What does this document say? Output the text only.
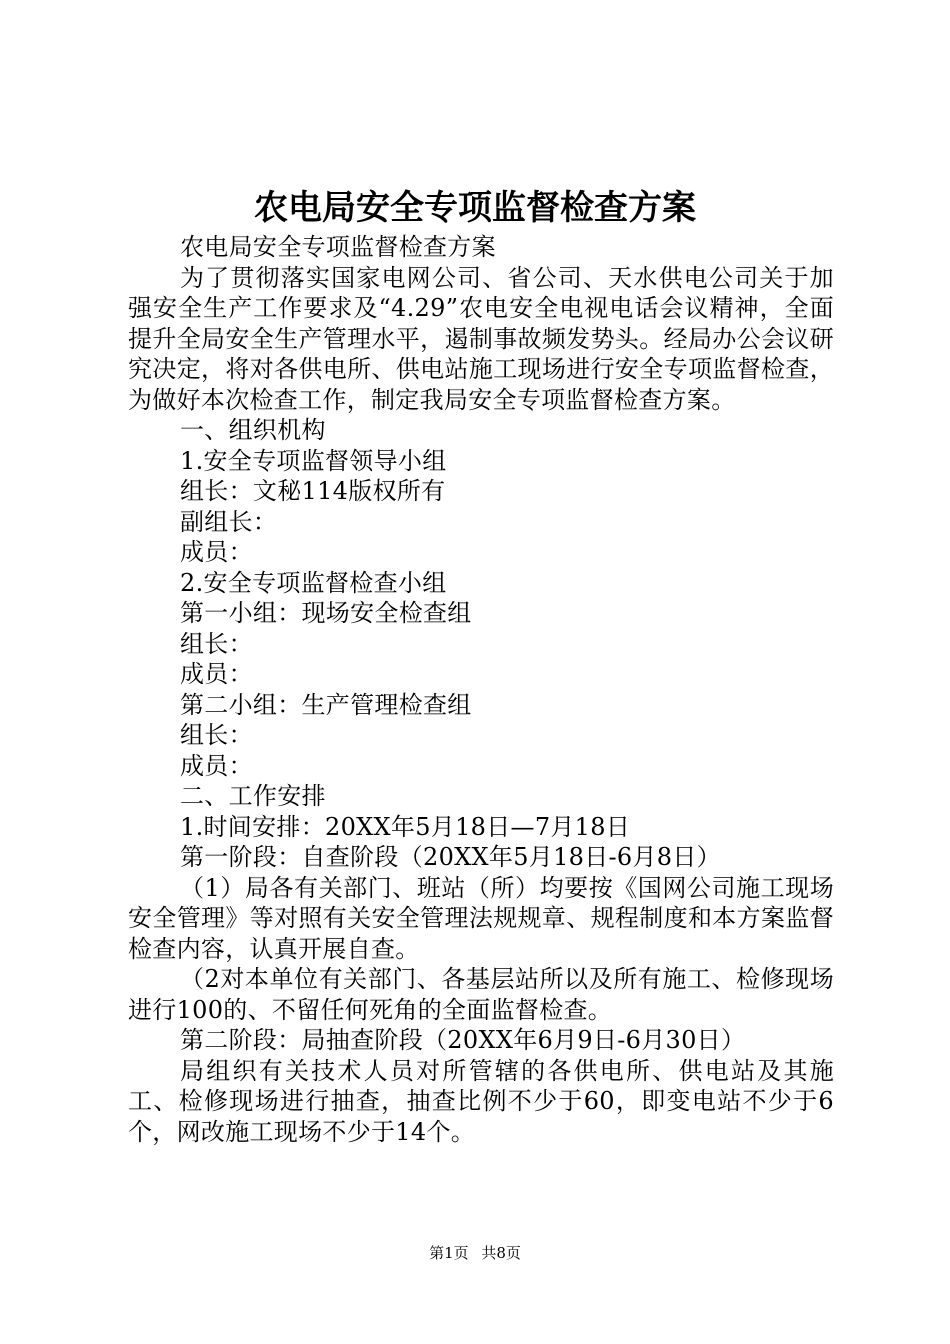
农电局安全专项监督检查方案

农电局安全专项监督检查方案

为了贯彻落实国家电网公司、省公司、天水供电公司关于加强安全生产工作要求及“4.29”农电安全电视电话会议精神，全面提升全局安全生产管理水平，遏制事故频发势头。经局办公会议研究决定，将对各供电所、供电站施工现场进行安全专项监督检查，为做好本次检查工作，制定我局安全专项监督检查方案。

一、组织机构

1.安全专项监督领导小组

组长：文秘114版权所有

副组长：

成员：

2.安全专项监督检查小组

第一小组：现场安全检查组

组长：

成员：

第二小组：生产管理检查组

组长：

成员：

二、工作安排

1.时间安排：20XX年5月18日—7月18日

第一阶段：自查阶段（20XX年5月18日-6月8日）

（1）局各有关部门、班站（所）均要按《国网公司施工现场安全管理》等对照有关安全管理法规规章、规程制度和本方案监督检查内容，认真开展自查。

（2对本单位有关部门、各基层站所以及所有施工、检修现场进行100的、不留任何死角的全面监督检查。

第二阶段：局抽查阶段（20XX年6月9日-6月30日）

局组织有关技术人员对所管辖的各供电所、供电站及其施工、检修现场进行抽查，抽查比例不少于60，即变电站不少于6个，网改施工现场不少于14个。

第1页 共8页
